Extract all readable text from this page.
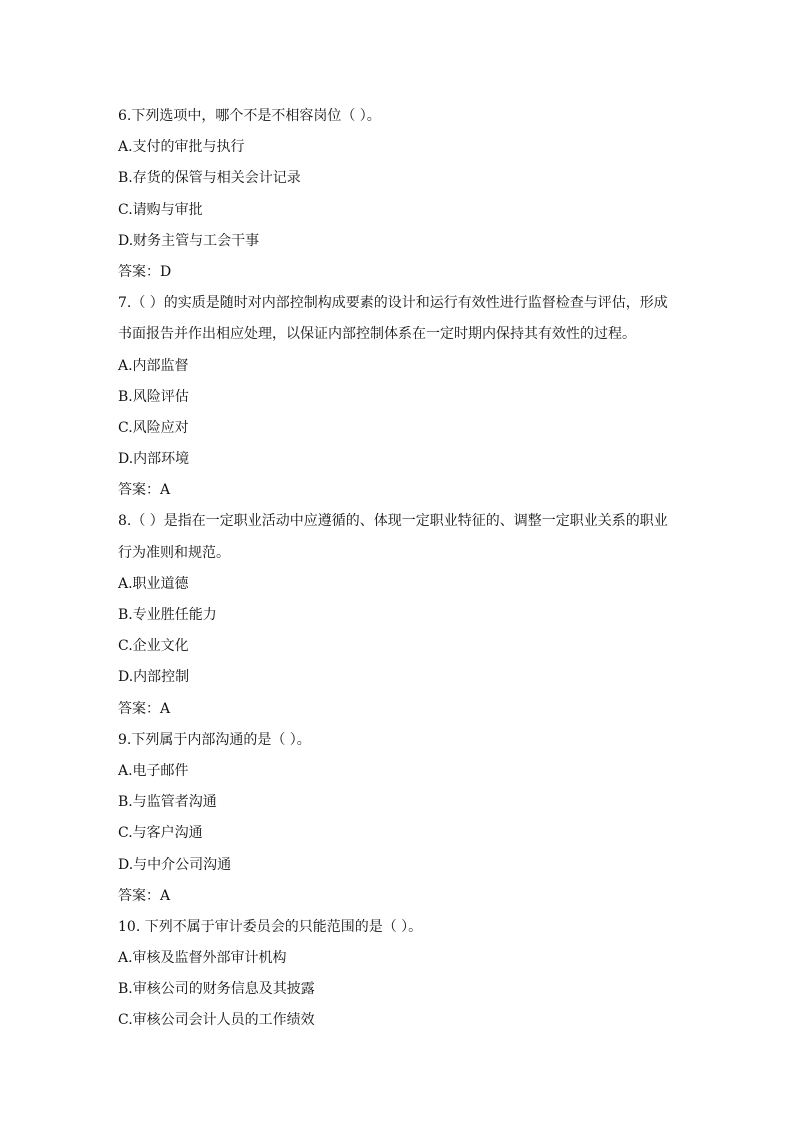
6.下列选项中，哪个不是不相容岗位（ ）。
A.支付的审批与执行
B.存货的保管与相关会计记录
C.请购与审批
D.财务主管与工会干事
答案：D
7.（ ）的实质是随时对内部控制构成要素的设计和运行有效性进行监督检查与评估，形成
书面报告并作出相应处理，以保证内部控制体系在一定时期内保持其有效性的过程。
A.内部监督
B.风险评估
C.风险应对
D.内部环境
答案：A
8.（ ）是指在一定职业活动中应遵循的、体现一定职业特征的、调整一定职业关系的职业
行为准则和规范。
A.职业道德
B.专业胜任能力
C.企业文化
D.内部控制
答案：A
9.下列属于内部沟通的是（ ）。
A.电子邮件
B.与监管者沟通
C.与客户沟通
D.与中介公司沟通
答案：A
10. 下列不属于审计委员会的只能范围的是（ ）。
A.审核及监督外部审计机构
B.审核公司的财务信息及其披露
C.审核公司会计人员的工作绩效
